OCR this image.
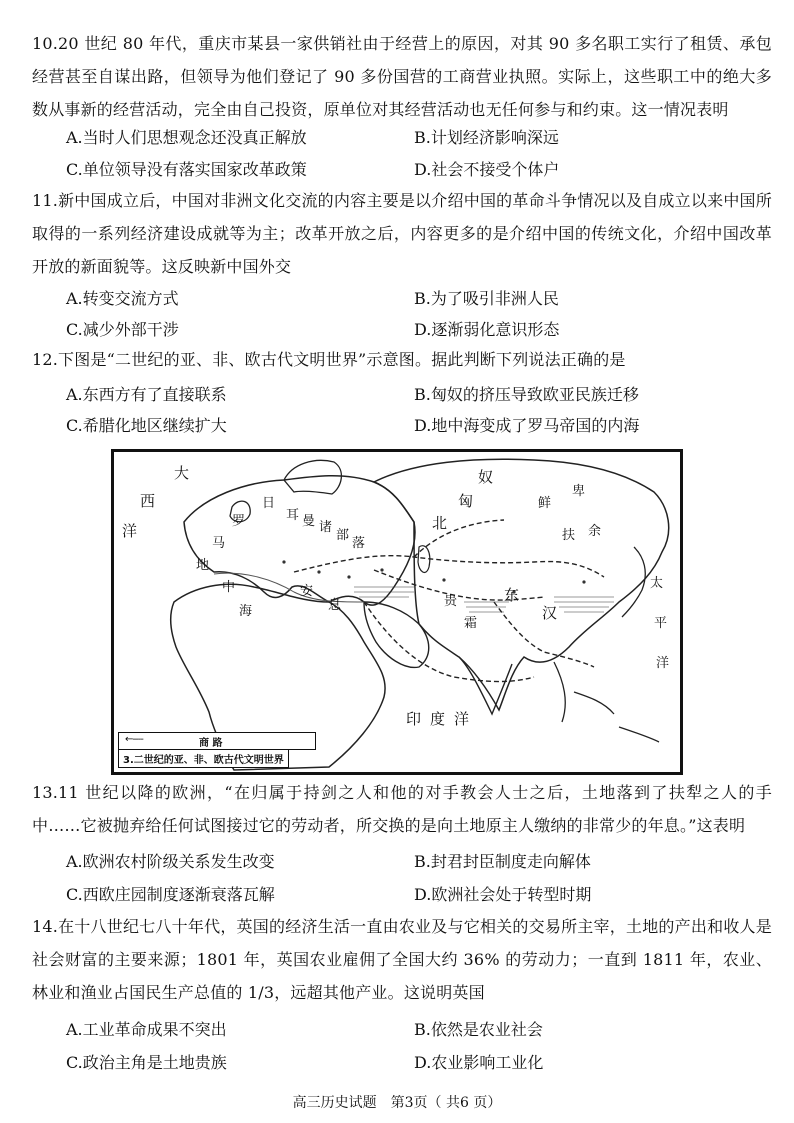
10.20 世纪 80 年代，重庆市某县一家供销社由于经营上的原因，对其 90 多名职工实行了租赁、承包经营甚至自谋出路，但领导为他们登记了 90 多份国营的工商营业执照。实际上，这些职工中的绝大多数从事新的经营活动，完全由自己投资，原单位对其经营活动也无任何参与和约束。这一情况表明
A.当时人们思想观念还没真正解放	B.计划经济影响深远
C.单位领导没有落实国家改革政策	D.社会不接受个体户
11.新中国成立后，中国对非洲文化交流的内容主要是以介绍中国的革命斗争情况以及自成立以来中国所取得的一系列经济建设成就等为主；改革开放之后，内容更多的是介绍中国的传统文化，介绍中国改革开放的新面貌等。这反映新中国外交
A.转变交流方式	B.为了吸引非洲人民
C.减少外部干涉	D.逐渐弱化意识形态
12.下图是“二世纪的亚、非、欧古代文明世界”示意图。据此判断下列说法正确的是
A.东西方有了直接联系	B.匈奴的挤压导致欧亚民族迁移
C.希腊化地区继续扩大	D.地中海变成了罗马帝国的内海
大
西
洋
罗
马
地
中
海
日
耳 曼 诸
部
落
北
匈
奴
鲜
卑
扶 余
太
平
洋
安
息	贵
霜
东
汉
印 度 洋
←----	商 路
3.二世纪的亚、非、欧古代文明世界
13.11 世纪以降的欧洲，“在归属于持剑之人和他的对手教会人士之后，土地落到了扶犁之人的手中……它被抛弃给任何试图接过它的劳动者，所交换的是向土地原主人缴纳的非常少的年息。”这表明
A.欧洲农村阶级关系发生改变	B.封君封臣制度走向解体
C.西欧庄园制度逐渐衰落瓦解	D.欧洲社会处于转型时期
14.在十八世纪七八十年代，英国的经济生活一直由农业及与它相关的交易所主宰，土地的产出和收人是社会财富的主要来源；1801 年，英国农业雇佣了全国大约 36% 的劳动力；一直到 1811 年，农业、林业和渔业占国民生产总值的 1/3，远超其他产业。这说明英国
A.工业革命成果不突出	B.依然是农业社会
C.政治主角是土地贵族	D.农业影响工业化
高三历史试题　第3页（ 共6 页）
